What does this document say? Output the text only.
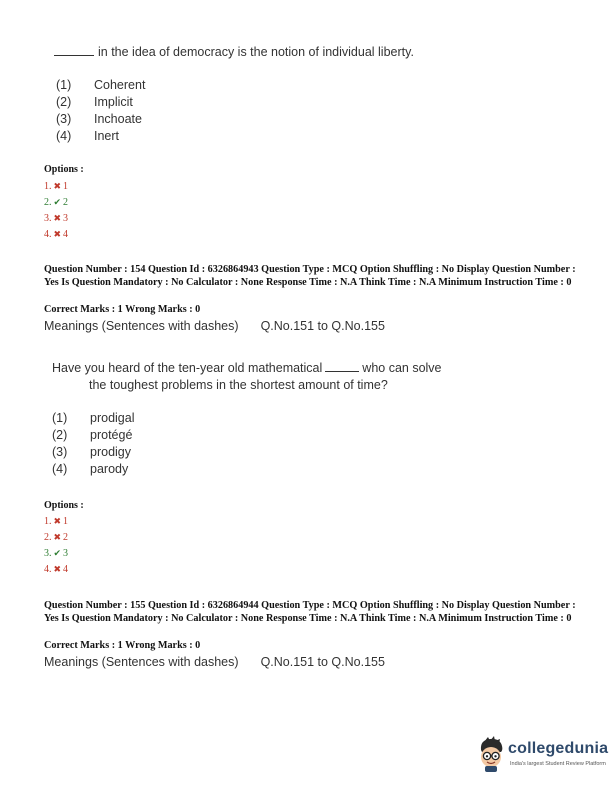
in the idea of democracy is the notion of individual liberty.
(1) Coherent
(2) Implicit
(3) Inchoate
(4) Inert
Options :
1. ✖ 1
2. ✔ 2
3. ✖ 3
4. ✖ 4
Question Number : 154 Question Id : 6326864943 Question Type : MCQ Option Shuffling : No Display Question Number : Yes Is Question Mandatory : No Calculator : None Response Time : N.A Think Time : N.A Minimum Instruction Time : 0
Correct Marks : 1 Wrong Marks : 0
Meanings (Sentences with dashes) Q.No.151 to Q.No.155
Have you heard of the ten-year old mathematical	who can solve
the toughest problems in the shortest amount of time?
(1) prodigal
(2) protégé
(3) prodigy
(4) parody
Options :
1. ✖ 1
2. ✖ 2
3. ✔ 3
4. ✖ 4
Question Number : 155 Question Id : 6326864944 Question Type : MCQ Option Shuffling : No Display Question Number : Yes Is Question Mandatory : No Calculator : None Response Time : N.A Think Time : N.A Minimum Instruction Time : 0
Correct Marks : 1 Wrong Marks : 0
Meanings (Sentences with dashes) Q.No.151 to Q.No.155
collegedunia
India's largest Student Review Platform
